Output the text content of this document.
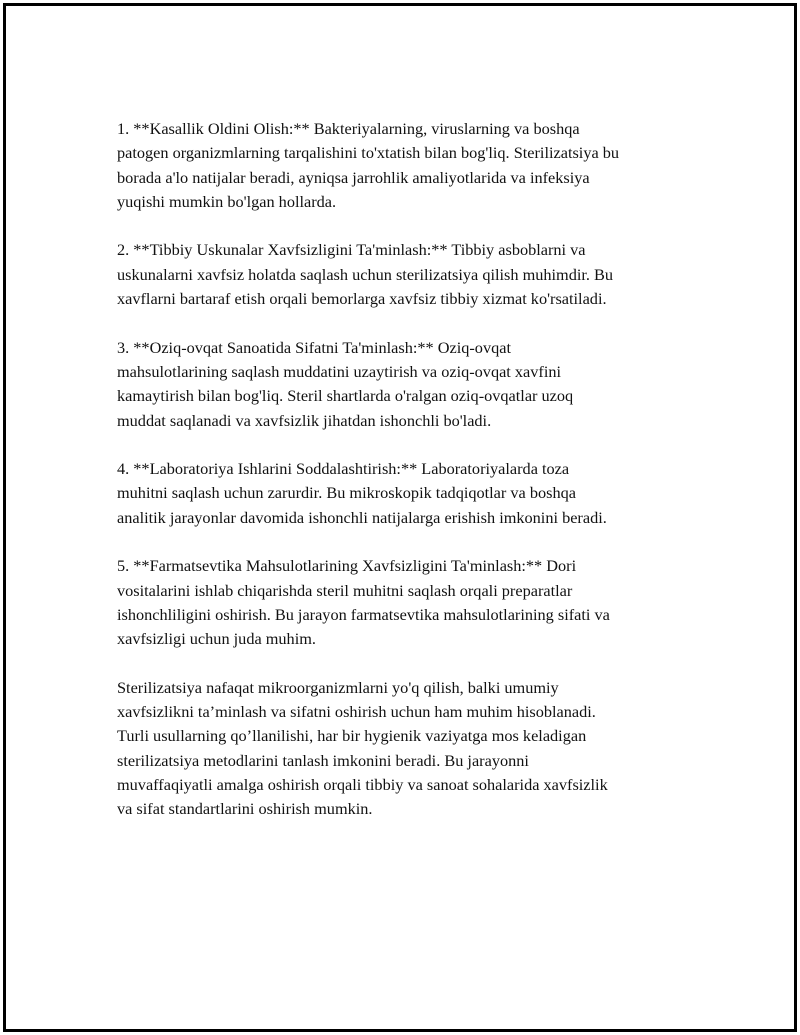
1. **Kasallik Oldini Olish:** Bakteriyalarning, viruslarning va boshqa
patogen organizmlarning tarqalishini to'xtatish bilan bog'liq. Sterilizatsiya bu
borada a'lo natijalar beradi, ayniqsa jarrohlik amaliyotlarida va infeksiya
yuqishi mumkin bo'lgan hollarda.

2. **Tibbiy Uskunalar Xavfsizligini Ta'minlash:** Tibbiy asboblarni va
uskunalarni xavfsiz holatda saqlash uchun sterilizatsiya qilish muhimdir. Bu
xavflarni bartaraf etish orqali bemorlarga xavfsiz tibbiy xizmat ko'rsatiladi.

3. **Oziq-ovqat Sanoatida Sifatni Ta'minlash:** Oziq-ovqat
mahsulotlarining saqlash muddatini uzaytirish va oziq-ovqat xavfini
kamaytirish bilan bog'liq. Steril shartlarda o'ralgan oziq-ovqatlar uzoq
muddat saqlanadi va xavfsizlik jihatdan ishonchli bo'ladi.

4. **Laboratoriya Ishlarini Soddalashtirish:** Laboratoriyalarda toza
muhitni saqlash uchun zarurdir. Bu mikroskopik tadqiqotlar va boshqa
analitik jarayonlar davomida ishonchli natijalarga erishish imkonini beradi.

5. **Farmatsevtika Mahsulotlarining Xavfsizligini Ta'minlash:** Dori
vositalarini ishlab chiqarishda steril muhitni saqlash orqali preparatlar
ishonchliligini oshirish. Bu jarayon farmatsevtika mahsulotlarining sifati va
xavfsizligi uchun juda muhim.

Sterilizatsiya nafaqat mikroorganizmlarni yo'q qilish, balki umumiy
xavfsizlikni ta’minlash va sifatni oshirish uchun ham muhim hisoblanadi.
Turli usullarning qo’llanilishi, har bir hygienik vaziyatga mos keladigan
sterilizatsiya metodlarini tanlash imkonini beradi. Bu jarayonni
muvaffaqiyatli amalga oshirish orqali tibbiy va sanoat sohalarida xavfsizlik
va sifat standartlarini oshirish mumkin.
